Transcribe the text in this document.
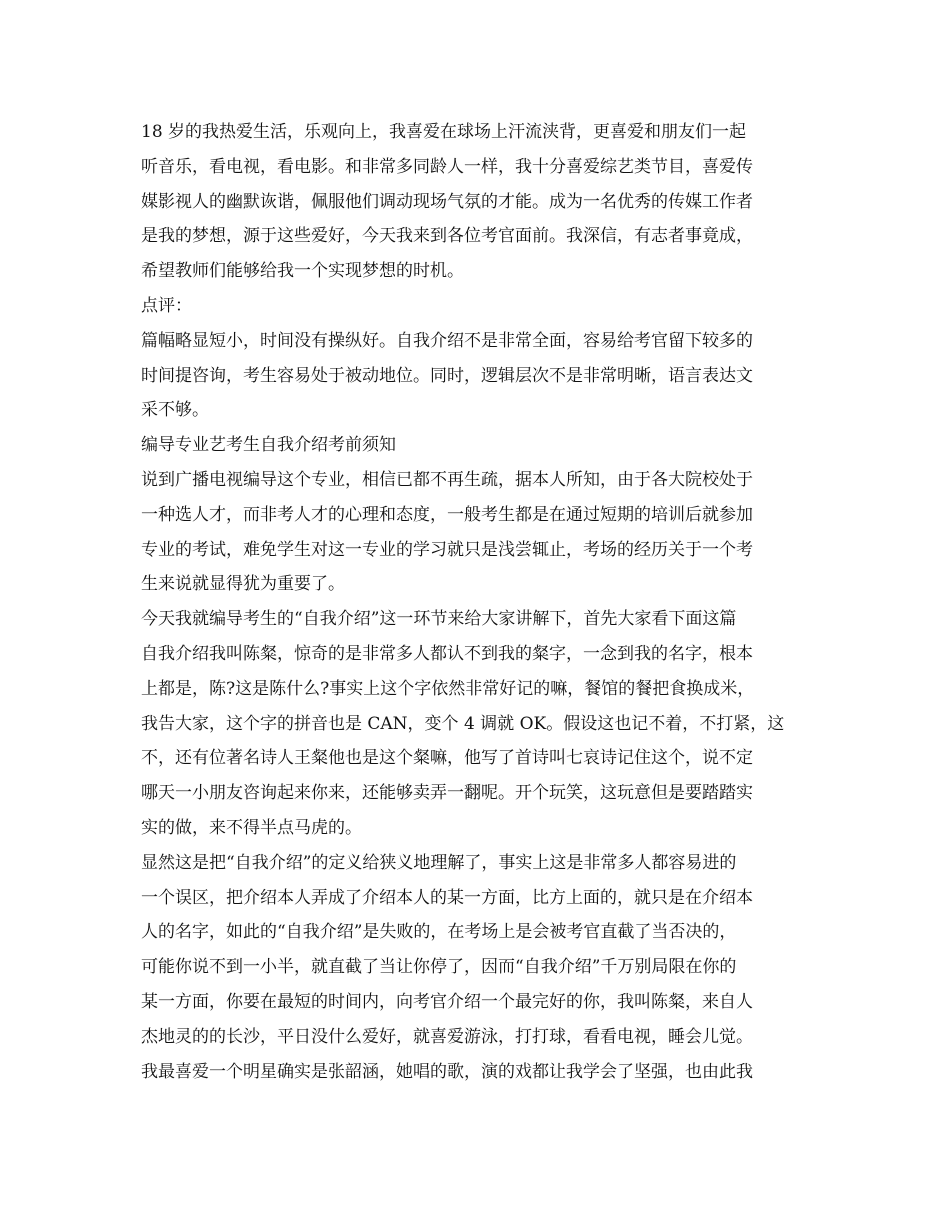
18 岁的我热爱生活，乐观向上，我喜爱在球场上汗流浃背，更喜爱和朋友们一起
听音乐，看电视，看电影。和非常多同龄人一样，我十分喜爱综艺类节目，喜爱传
媒影视人的幽默诙谐，佩服他们调动现场气氛的才能。成为一名优秀的传媒工作者
是我的梦想，源于这些爱好，今天我来到各位考官面前。我深信，有志者事竟成，
希望教师们能够给我一个实现梦想的时机。
点评：
篇幅略显短小，时间没有操纵好。自我介绍不是非常全面，容易给考官留下较多的
时间提咨询，考生容易处于被动地位。同时，逻辑层次不是非常明晰，语言表达文
采不够。
编导专业艺考生自我介绍考前须知
说到广播电视编导这个专业，相信已都不再生疏，据本人所知，由于各大院校处于
一种选人才，而非考人才的心理和态度，一般考生都是在通过短期的培训后就参加
专业的考试，难免学生对这一专业的学习就只是浅尝辄止，考场的经历关于一个考
生来说就显得犹为重要了。
今天我就编导考生的“自我介绍”这一环节来给大家讲解下，首先大家看下面这篇
自我介绍我叫陈粲，惊奇的是非常多人都认不到我的粲字，一念到我的名字，根本
上都是，陈?这是陈什么?事实上这个字依然非常好记的嘛，餐馆的餐把食换成米，
我告大家，这个字的拼音也是 CAN，变个 4 调就 OK。假设这也记不着，不打紧，这
不，还有位著名诗人王粲他也是这个粲嘛，他写了首诗叫七哀诗记住这个，说不定
哪天一小朋友咨询起来你来，还能够卖弄一翻呢。开个玩笑，这玩意但是要踏踏实
实的做，来不得半点马虎的。
显然这是把“自我介绍”的定义给狭义地理解了，事实上这是非常多人都容易进的
一个误区，把介绍本人弄成了介绍本人的某一方面，比方上面的，就只是在介绍本
人的名字，如此的“自我介绍”是失败的，在考场上是会被考官直截了当否决的，
可能你说不到一小半，就直截了当让你停了，因而“自我介绍”千万别局限在你的
某一方面，你要在最短的时间内，向考官介绍一个最完好的你，我叫陈粲，来自人
杰地灵的的长沙，平日没什么爱好，就喜爱游泳，打打球，看看电视，睡会儿觉。
我最喜爱一个明星确实是张韶涵，她唱的歌，演的戏都让我学会了坚强，也由此我
